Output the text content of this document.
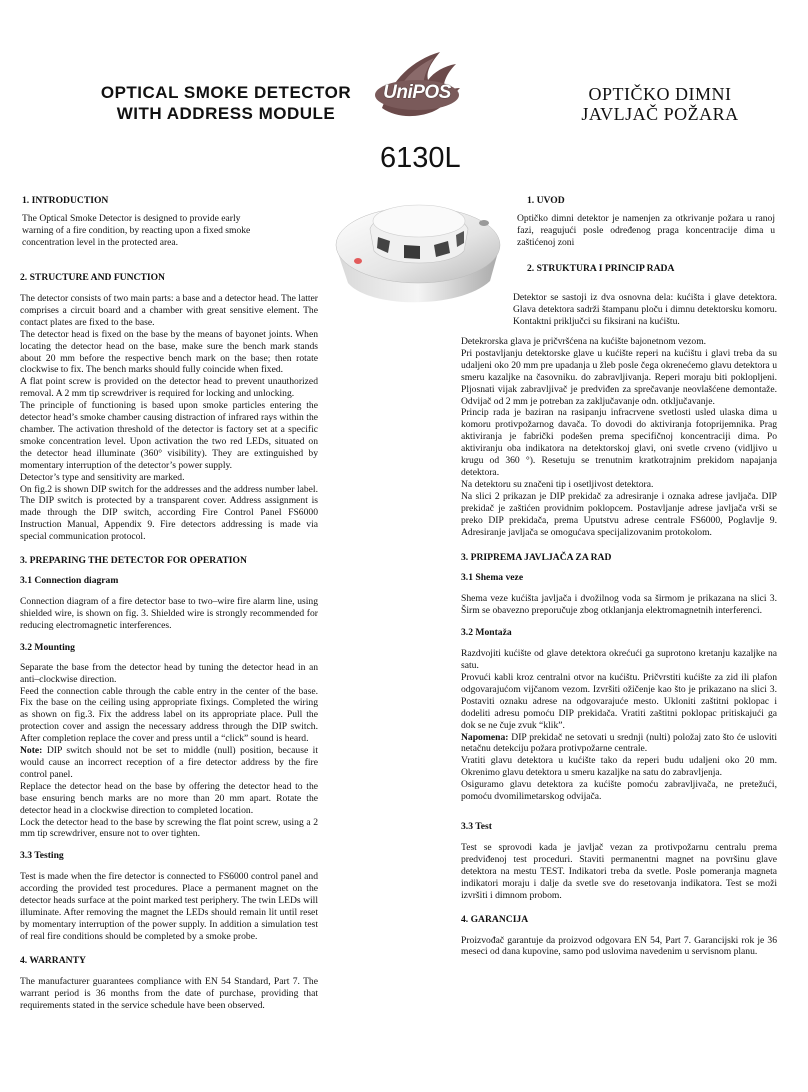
OPTICAL SMOKE DETECTOR
WITH ADDRESS MODULE
UniPOS	OPTIČKO DIMNI
JAVLJAČ POŽARA
6130L

1. INTRODUCTION

The Optical Smoke Detector is designed to provide early warning of a fire condition, by reacting upon a fixed smoke concentration level in the protected area.

2. STRUCTURE AND FUNCTION

The detector consists of two main parts: a base and a detector head. The latter comprises a circuit board and a chamber with great sensitive element. The contact plates are fixed to the base.

The detector head is fixed on the base by the means of bayonet joints. When locating the detector head on the base, make sure the bench mark stands about 20 mm before the respective bench mark on the base; then rotate clockwise to fix. The bench marks should fully coincide when fixed.

A flat point screw is provided on the detector head to prevent unauthorized removal. A 2 mm tip screwdriver is required for locking and unlocking.

The principle of functioning is based upon smoke particles entering the detector head’s smoke chamber causing distraction of infrared rays within the chamber. The activation threshold of the detector is factory set at a specific smoke concentration level. Upon activation the two red LEDs, situated on the detector head illuminate (360° visibility). They are extinguished by momentary interruption of the detector’s power supply.

Detector’s type and sensitivity are marked.

On fig.2 is shown DIP switch for the addresses and the address number label. The DIP switch is protected by a transparent cover. Address assignment is made through the DIP switch, according Fire Control Panel FS6000 Instruction Manual, Appendix 9. Fire detectors addressing is made via special communication protocol.

3. PREPARING THE DETECTOR FOR OPERATION

3.1 Connection diagram

Connection diagram of a fire detector base to two–wire fire alarm line, using shielded wire, is shown on fig. 3. Shielded wire is strongly recommended for reducing electromagnetic interferences.

3.2 Mounting

Separate the base from the detector head by tuning the detector head in an anti–clockwise direction.

Feed the connection cable through the cable entry in the center of the base. Fix the base on the ceiling using appropriate fixings. Completed the wiring as shown on fig.3. Fix the address label on its appropriate place. Pull the protection cover and assign the necessary address through the DIP switch. After completion replace the cover and press until a “click” sound is heard.

Note: DIP switch should not be set to middle (null) position, because it would cause an incorrect reception of a fire detector address by the fire control panel.

Replace the detector head on the base by offering the detector head to the base ensuring bench marks are no more than 20 mm apart. Rotate the detector head in a clockwise direction to completed location.

Lock the detector head to the base by screwing the flat point screw, using a 2 mm tip screwdriver, ensure not to over tighten.

3.3 Testing

Test is made when the fire detector is connected to FS6000 control panel and according the provided test procedures. Place a permanent magnet on the detector heads surface at the point marked test periphery. The twin LEDs will illuminate. After removing the magnet the LEDs should remain lit until reset by momentary interruption of the power supply. In addition a simulation test of real fire conditions should be completed by a smoke probe.

4. WARRANTY

The manufacturer guarantees compliance with EN 54 Standard, Part 7. The warrant period is 36 months from the date of purchase, providing that requirements stated in the service schedule have been observed.

1. UVOD

Optičko dimni detektor je namenjen za otkrivanje požara u ranoj fazi, reagujući posle određenog praga koncentracije dima u zaštićenoj zoni

2. STRUKTURA I PRINCIP RADA

Detektor se sastoji iz dva osnovna dela: kućišta i glave detektora. Glava detektora sadrži štampanu ploču i dimnu detektorsku komoru. Kontaktni priključci su fiksirani na kućištu.

Detekrorska glava je pričvršćena na kućište bajonetnom vezom.

Pri postavljanju detektorske glave u kućište reperi na kućištu i glavi treba da su udaljeni oko 20 mm pre upadanja u žleb posle čega okrenećemo glavu detektora u smeru kazaljke na časovniku. do zabravljivanja. Reperi moraju biti poklopljeni. Pljosnati vijak zabravljivač je predviđen za sprečavanje neovlašćene demontaže. Odvijač od 2 mm je potreban za zaključavanje odn. otključavanje.

Princip rada je baziran na rasipanju infracrvene svetlosti usled ulaska dima u komoru protivpožarnog davača. To dovodi do aktiviranja fotoprijemnika. Prag aktiviranja je fabrički podešen prema specifičnoj koncentraciji dima. Po aktiviranju oba indikatora na detektorskoj glavi, oni svetle crveno (vidljivo u krugu od 360 °). Resetuju se trenutnim kratkotrajnim prekidom napajanja detektora.

Na detektoru su značeni tip i osetljivost detektora.

Na slici 2 prikazan je DIP prekidač za adresiranje i oznaka adrese javljača. DIP prekidač je zaštićen providnim poklopcem. Postavljanje adrese javljača vrši se preko DIP prekidača, prema Uputstvu adrese centrale FS6000, Poglavlje 9. Adresiranje javljača se omogućava specijalizovanim protokolom.

3. PRIPREMA JAVLJAČA ZA RAD

3.1 Shema veze

Shema veze kućišta javljača i dvožilnog voda sa širmom je prikazana na slici 3. Širm se obavezno preporučuje zbog otklanjanja elektromagnetnih interferenci.

3.2 Montaža

Razdvojiti kućište od glave detektora okrećući ga suprotono kretanju kazaljke na satu.

Provući kabli kroz centralni otvor na kućištu. Pričvrstiti kućište za zid ili plafon odgovarajućom vijčanom vezom. Izvršiti ožičenje kao što je prikazano na slici 3. Postaviti oznaku adrese na odgovarajuće mesto. Ukloniti zaštitni poklopac i dodeliti adresu pomoću DIP prekidača. Vratiti zaštitni poklopac pritiskajući ga dok se ne čuje zvuk “klik”.

Napomena: DIP prekidač ne setovati u srednji (nulti) položaj zato što će usloviti netačnu detekciju požara protivpožarne centrale.

Vratiti glavu detektora u kućište tako da reperi budu udaljeni oko 20 mm. Okrenimo glavu detektora u smeru kazaljke na satu do zabravljenja.

Osiguramo glavu detektora za kućište pomoću zabravljivača, ne pretežući, pomoću dvomilimetarskog odvijača.

3.3 Test

Test se sprovodi kada je javljač vezan za protivpožarnu centralu prema predviđenoj test proceduri. Staviti permanentni magnet na površinu glave detektora na mestu TEST. Indikatori treba da svetle. Posle pomeranja magneta indikatori moraju i dalje da svetle sve do resetovanja indikatora. Test se moži izvršiti i dimnom probom.

4. GARANCIJA

Proizvođač garantuje da proizvod odgovara EN 54, Part 7. Garancijski rok je 36 meseci od dana kupovine, samo pod uslovima navedenim u servisnom planu.
